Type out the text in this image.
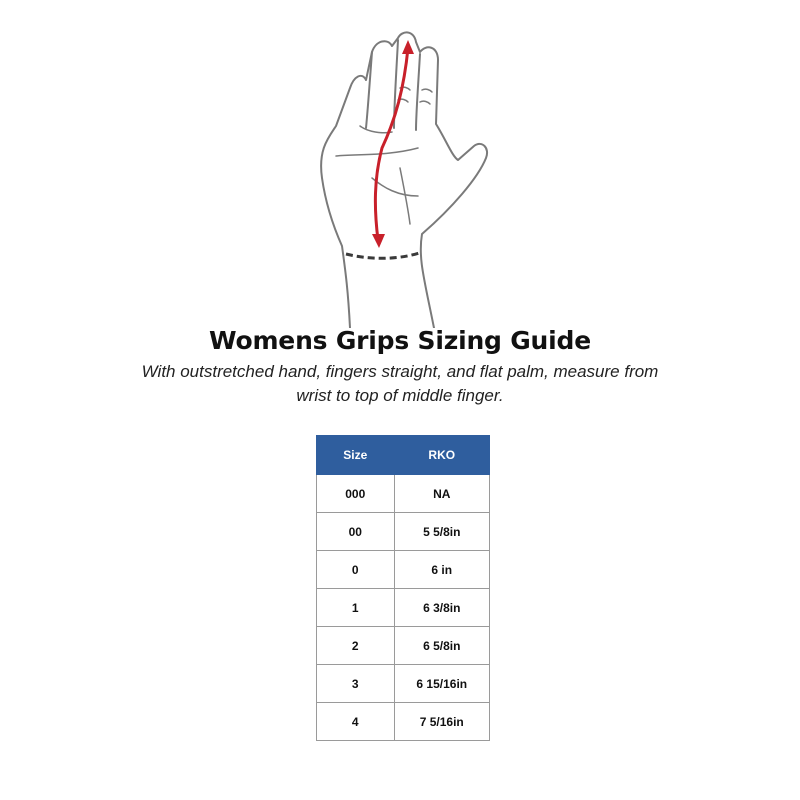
Womens Grips Sizing Guide
With outstretched hand, fingers straight, and flat palm, measure from wrist to top of middle finger.
Size	RKO
000	NA
00	5 5/8in
0	6 in
1	6 3/8in
2	6 5/8in
3	6 15/16in
4	7 5/16in
